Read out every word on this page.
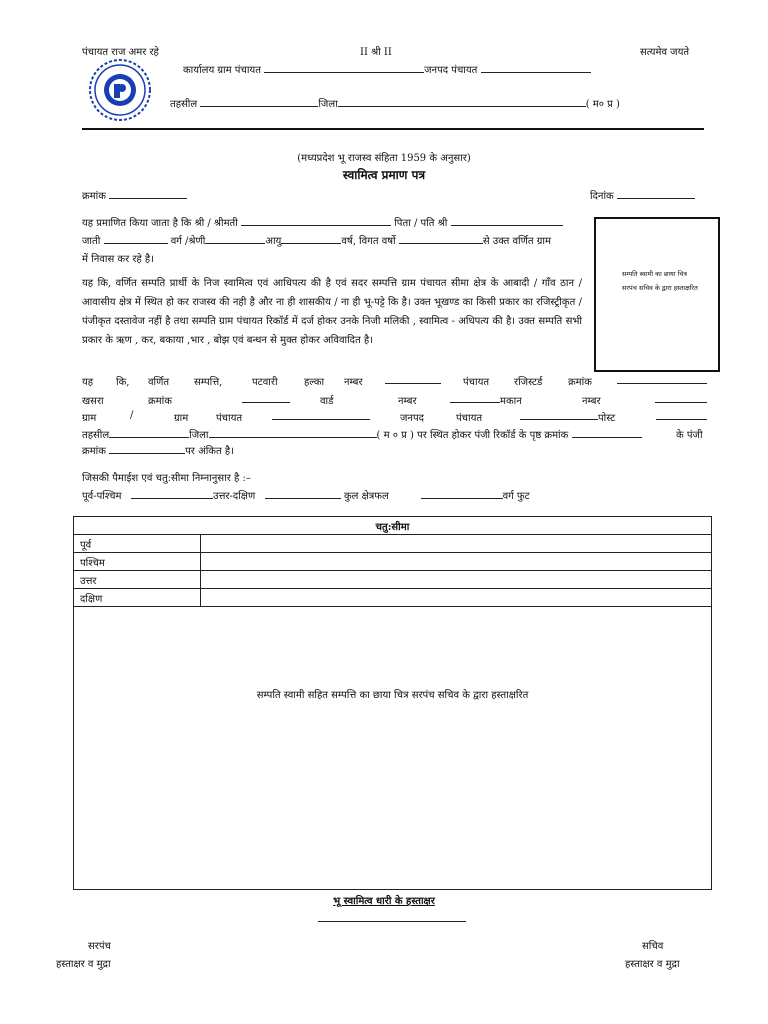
पंचायत राज अमर रहे	II श्री II	सत्यमेव जयते
कार्यालय ग्राम पंचायत	जनपद पंचायत
तहसील	जिला	( म० प्र )
(मध्यप्रदेश भू राजस्व संहिता 1959 के अनुसार)
स्वामित्व प्रमाण पत्र
क्रमांक	दिनांक
यह प्रमाणित किया जाता है कि श्री / श्रीमती	पिता / पति श्री
जाती	वर्ग /श्रेणी	आयु	वर्ष, विगत वर्षो	से उक्त वर्णित ग्राम
में निवास कर रहे है।
सम्पति स्वामी का छाया चित्र सरपंच सचिव के द्वारा हस्ताक्षरित
यह कि, वर्णित सम्पति प्रार्थी के निज स्वामित्व एवं आधिपत्य की है एवं सदर सम्पत्ति ग्राम पंचायत सीमा क्षेत्र के आबादी / गाँव ठान / आवासीय क्षेत्र में स्थित हो कर राजस्व की नही है और ना ही शासकीय / ना ही भू-पट्टे कि है। उक्त भूखण्ड का किसी प्रकार का रजिस्ट्रीकृत / पंजीकृत दस्तावेज नहीं है तथा सम्पति ग्राम पंचायत रिकॉर्ड में दर्ज होकर उनके निजी मलिकी , स्वामित्व - अधिपत्य की है। उक्त सम्पति सभी प्रकार के ऋण , कर, बकाया ,भार , बोझ एवं बन्धन से मुक्त होकर अविवादित है।
यह कि, वर्णित सम्पत्ति,	पटवारी	हल्का नम्बर	पंचायत रजिस्टर्ड	क्रमांक
खसरा	क्रमांक	वार्ड	नम्बर	मकान	नम्बर
ग्राम	/	ग्राम	पंचायत	जनपद	पंचायत	पोस्ट
तहसील	जिला	( म ० प्र ) पर स्थित होकर पंजी रिकॉर्ड के पृष्ठ क्रमांक	के पंजी
क्रमांक	पर अंकित है।
जिसकी पैमाईश एवं चतु:सीमा निम्नानुसार है :–
पूर्व-पश्चिम	उत्तर-दक्षिण	कुल क्षेत्रफल	वर्ग फुट
चतु:सीमा	
पूर्व	
पश्चिम	
उत्तर	
दक्षिण	
सम्पति स्वामी सहित सम्पत्ति का छाया चित्र सरपंच सचिव के द्वारा हस्ताक्षरित
भू स्वामित्व धारी के हस्ताक्षर
सरपंच
हस्ताक्षर व मुद्रा
सचिव
हस्ताक्षर व मुद्रा
